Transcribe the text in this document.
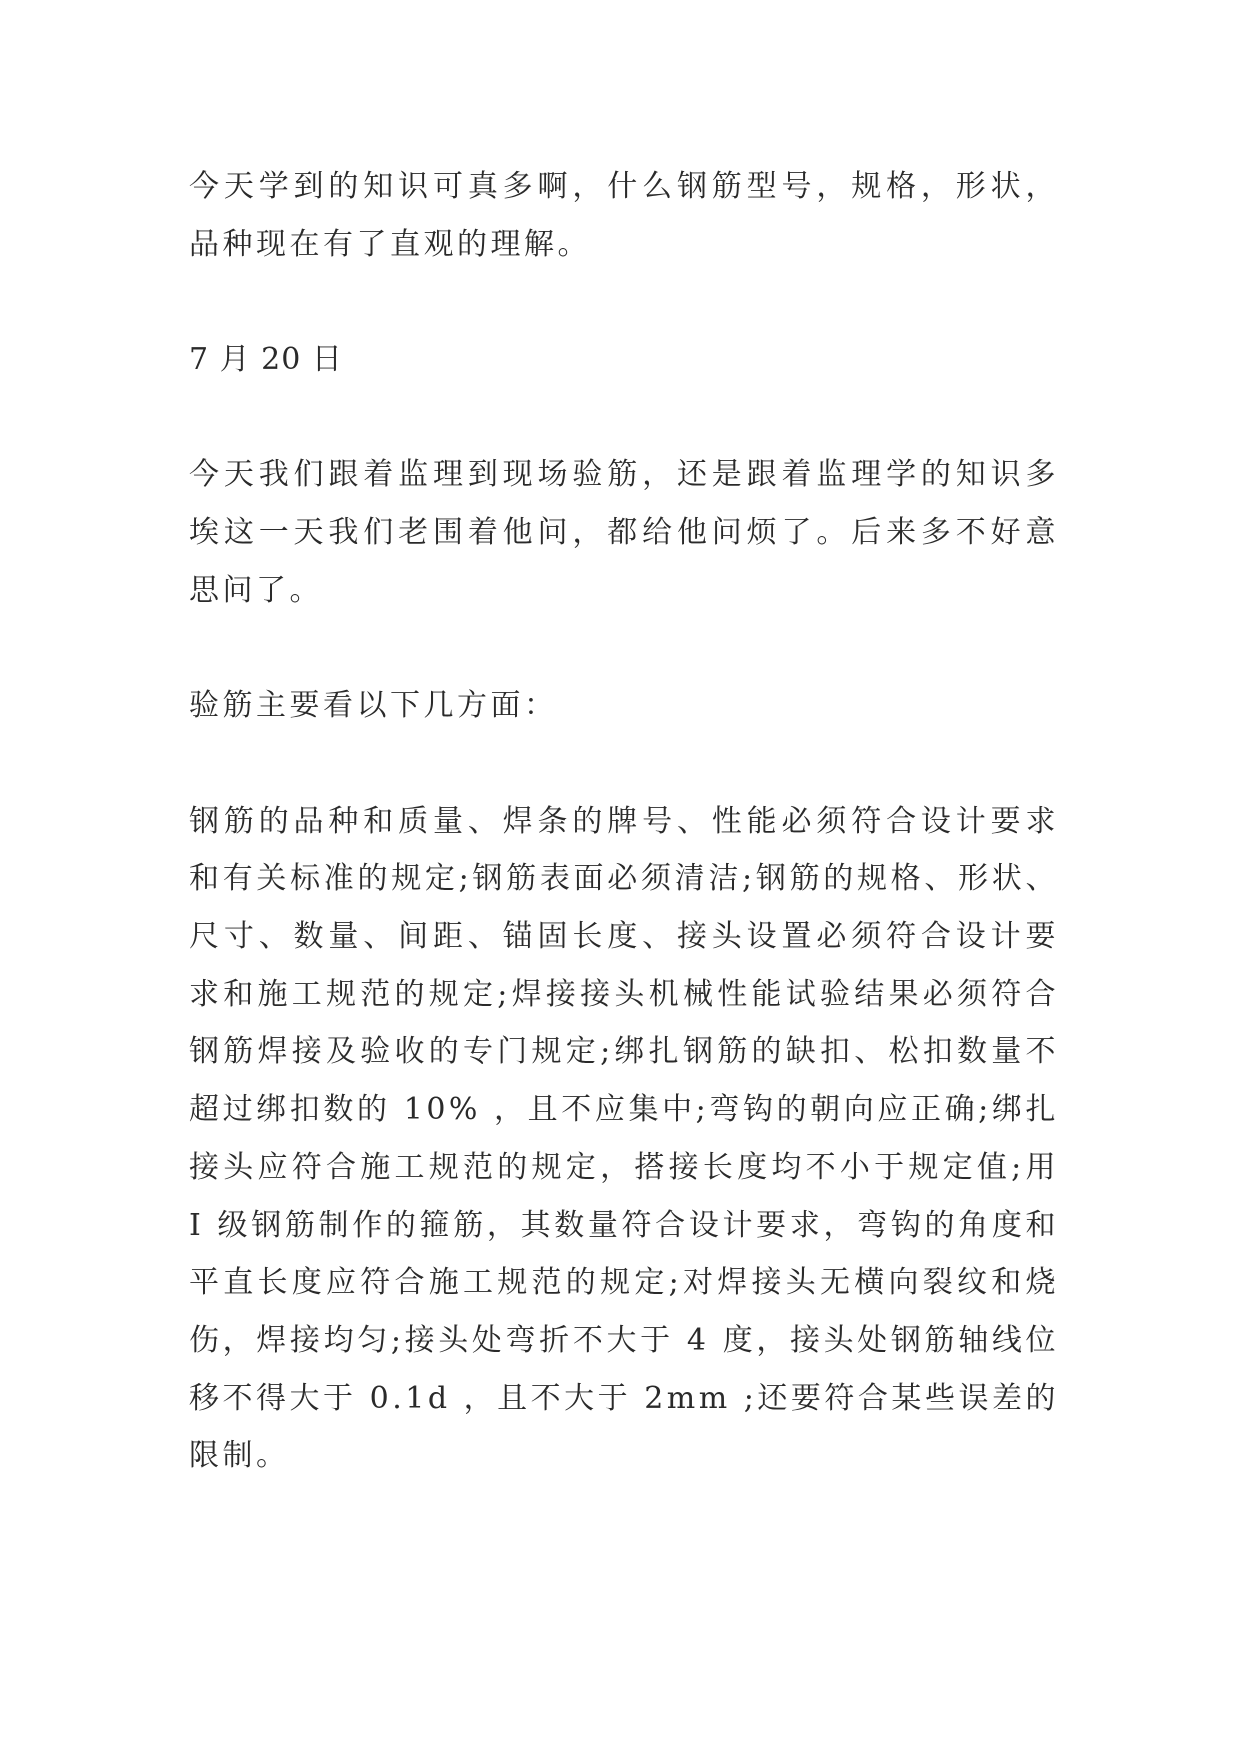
今天学到的知识可真多啊，什么钢筋型号，规格，形状，品种现在有了直观的理解。

7 月 20 日

今天我们跟着监理到现场验筋，还是跟着监理学的知识多埃这一天我们老围着他问，都给他问烦了。后来多不好意思问了。

验筋主要看以下几方面：

钢筋的品种和质量、焊条的牌号、性能必须符合设计要求和有关标准的规定;钢筋表面必须清洁;钢筋的规格、形状、尺寸、数量、间距、锚固长度、接头设置必须符合设计要求和施工规范的规定;焊接接头机械性能试验结果必须符合钢筋焊接及验收的专门规定;绑扎钢筋的缺扣、松扣数量不超过绑扣数的 10% ，且不应集中;弯钩的朝向应正确;绑扎接头应符合施工规范的规定，搭接长度均不小于规定值;用 I 级钢筋制作的箍筋，其数量符合设计要求，弯钩的角度和平直长度应符合施工规范的规定;对焊接头无横向裂纹和烧伤，焊接均匀;接头处弯折不大于 4 度，接头处钢筋轴线位移不得大于 0.1d ，且不大于 2mm ;还要符合某些误差的限制。
